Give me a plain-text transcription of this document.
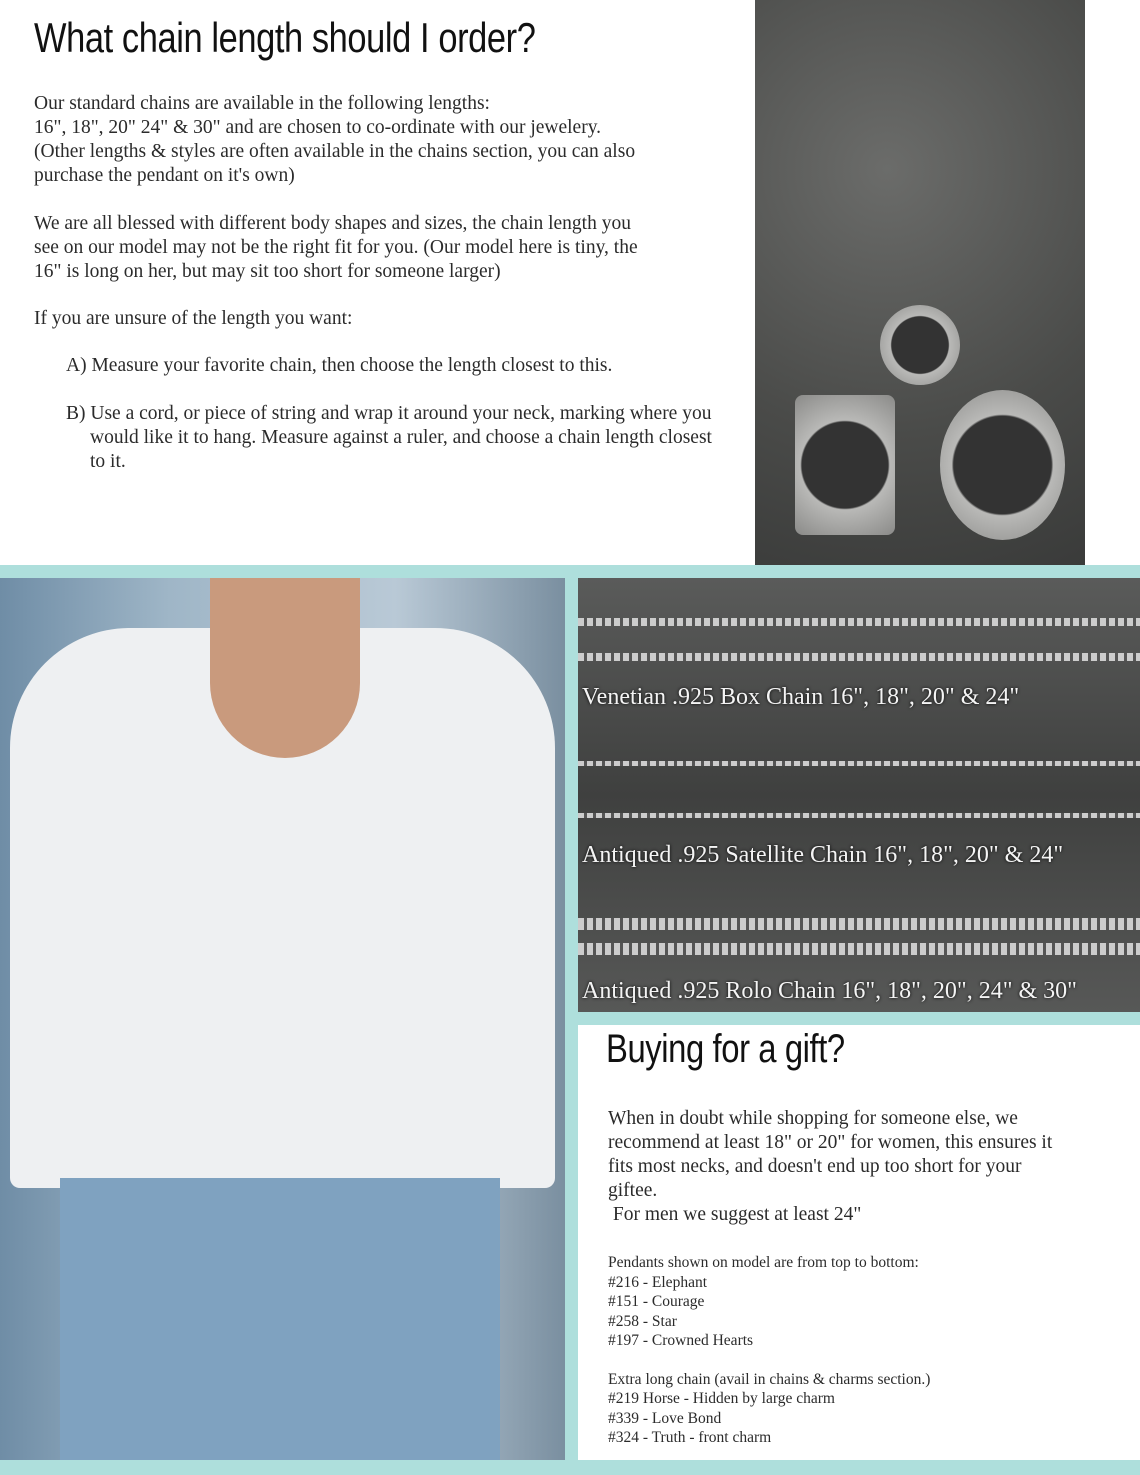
What chain length should I order?
Our standard chains are available in the following lengths:
16", 18", 20" 24" & 30" and are chosen to co-ordinate with our jewelery.
(Other lengths & styles are often available in the chains section, you can also
purchase the pendant on it's own)
We are all blessed with different body shapes and sizes, the chain length you
see on our model may not be the right fit for you. (Our model here is tiny, the
16" is long on her, but may sit too short for someone larger)
If you are unsure of the length you want:
A) Measure your favorite chain, then choose the length closest to this.
B) Use a cord, or piece of string and wrap it around your neck, marking where you would like it to hang. Measure against a ruler, and choose a chain length closest to it.
Venetian .925 Box Chain 16", 18", 20" & 24"
Antiqued .925 Satellite Chain 16", 18", 20" & 24"
Antiqued .925 Rolo Chain 16", 18", 20", 24" & 30"
Buying for a gift?
When in doubt while shopping for someone else, we
recommend at least 18" or 20" for women, this ensures it
fits most necks, and doesn't end up too short for your
giftee.
For men we suggest at least 24"
Pendants shown on model are from top to bottom:
#216 - Elephant
#151 - Courage
#258 - Star
#197 - Crowned Hearts
Extra long chain (avail in chains & charms section.)
#219 Horse - Hidden by large charm
#339 - Love Bond
#324 - Truth - front charm
